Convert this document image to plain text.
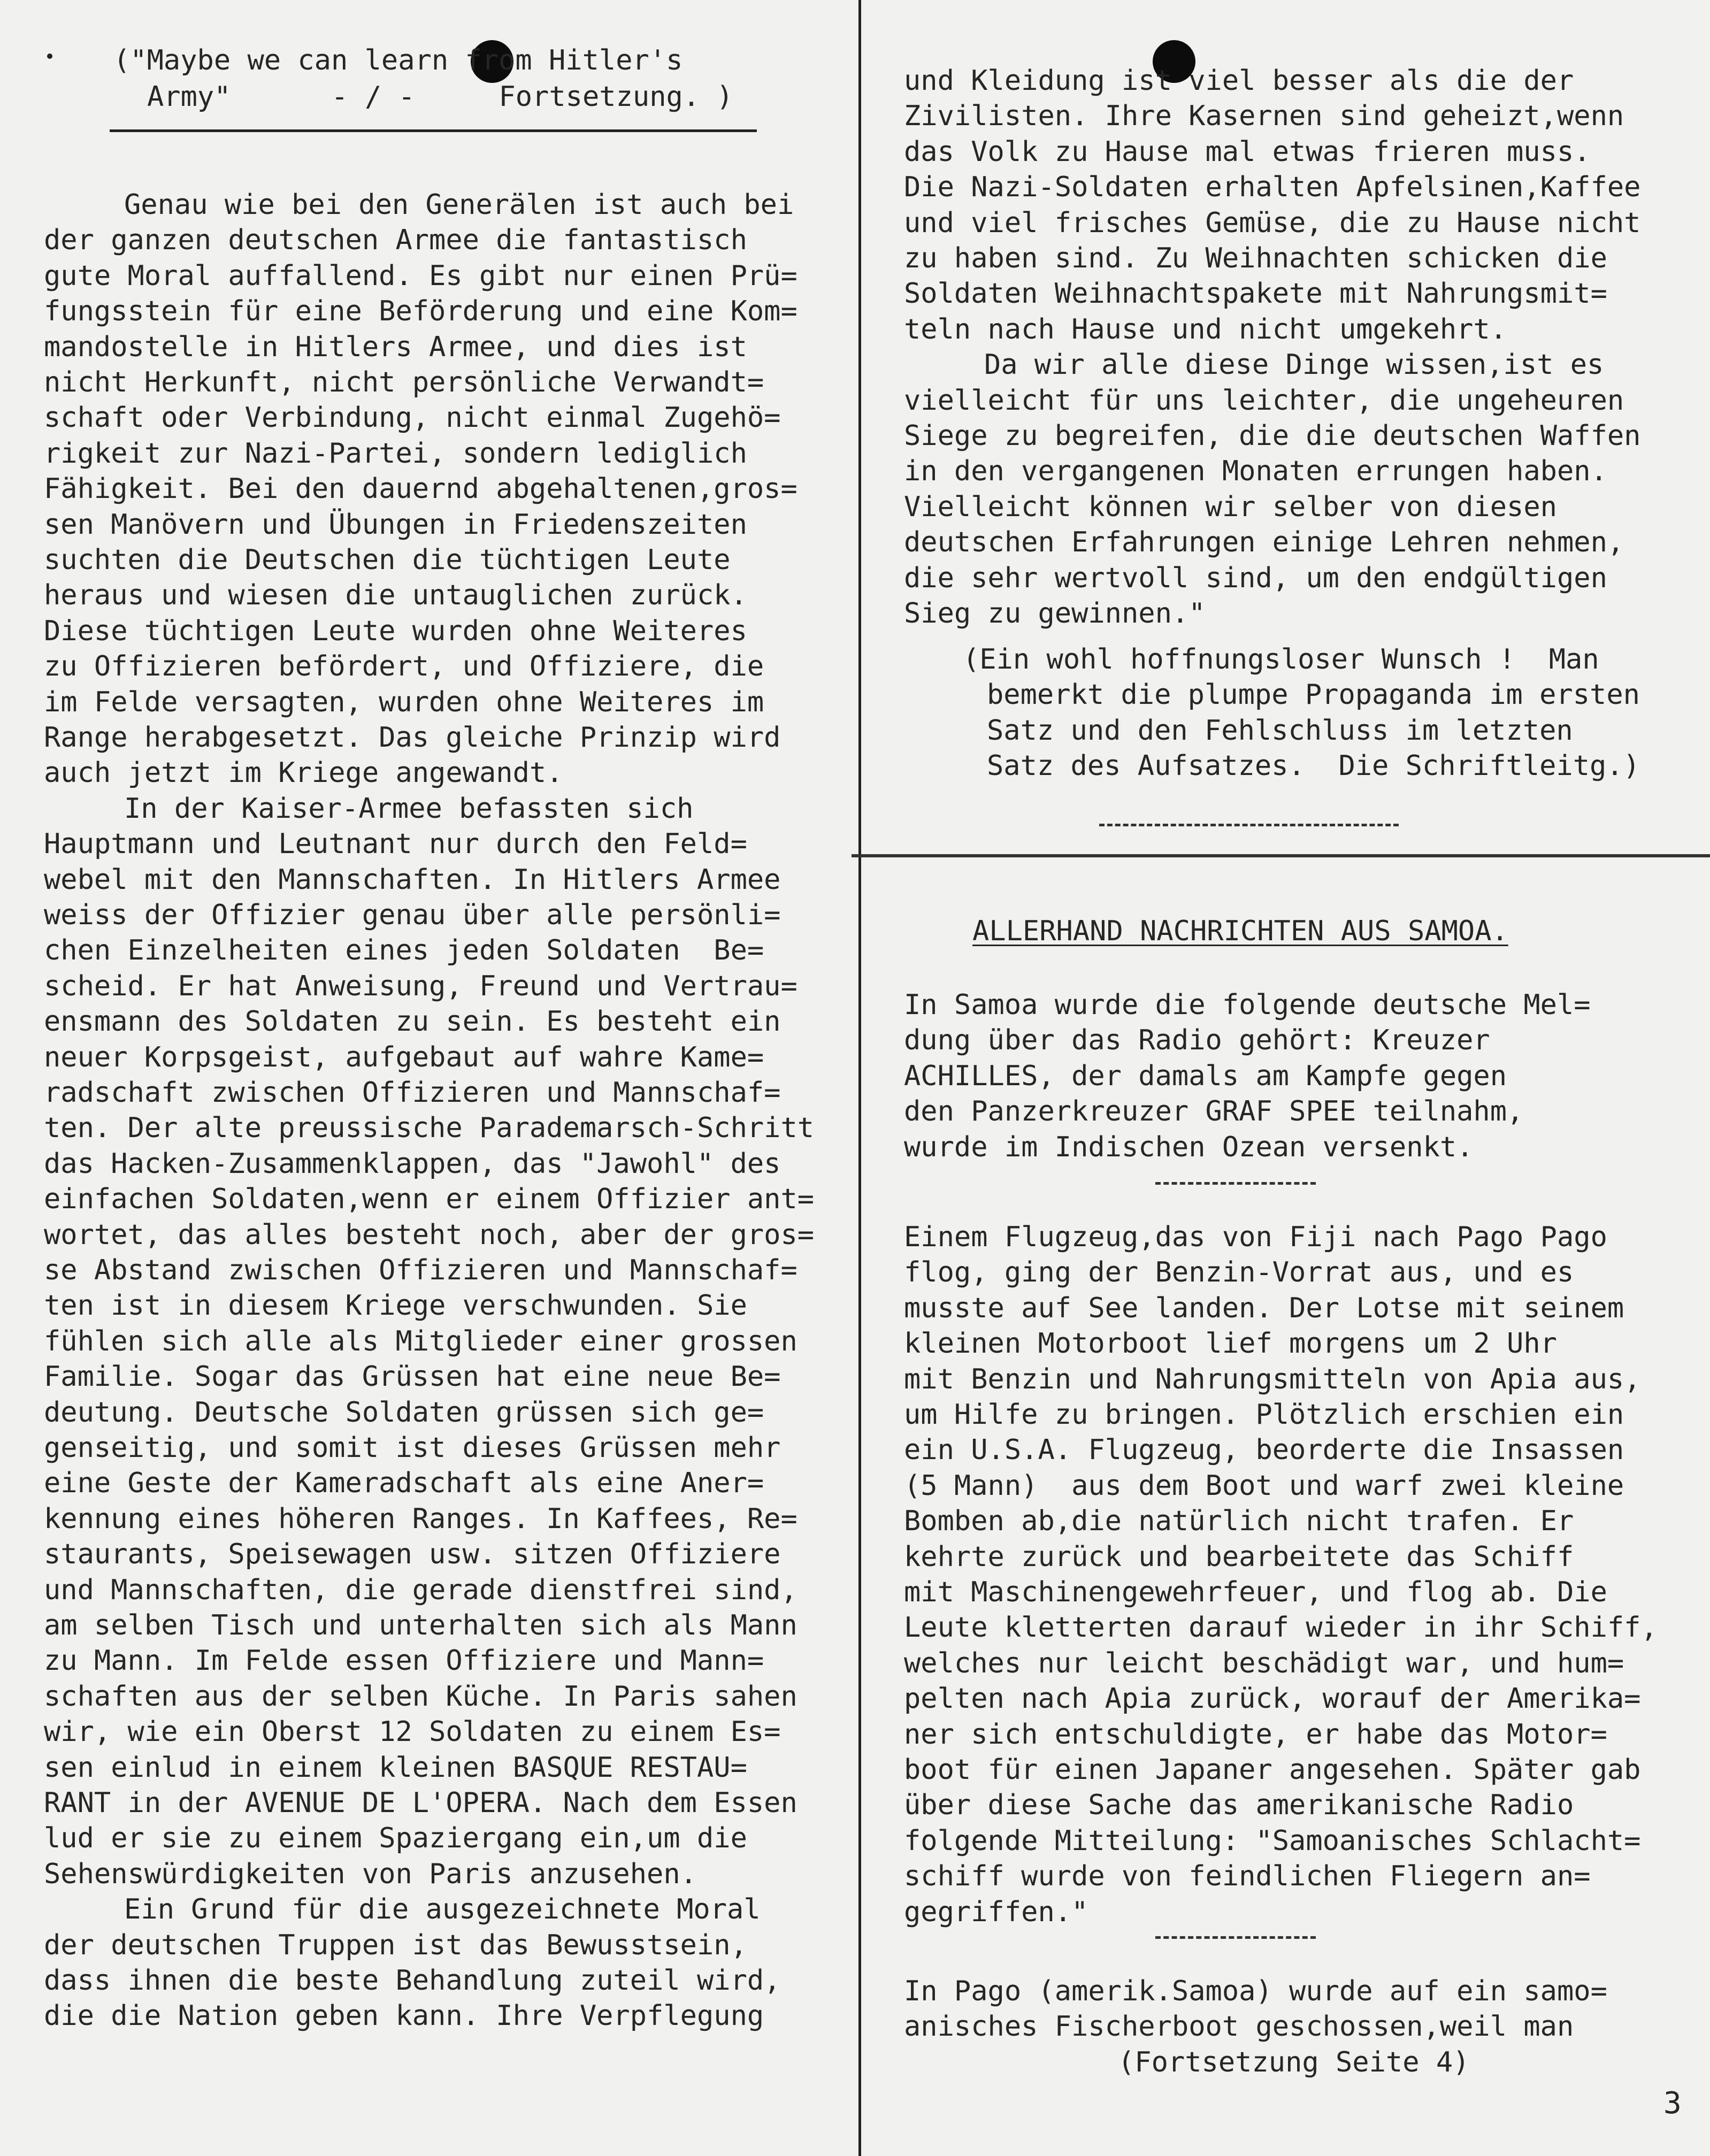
("Maybe we can learn from Hitler's
Army"      - / -     Fortsetzung. )
Genau wie bei den Generälen ist auch bei
der ganzen deutschen Armee die fantastisch
gute Moral auffallend. Es gibt nur einen Prü=
fungsstein für eine Beförderung und eine Kom=
mandostelle in Hitlers Armee, und dies ist
nicht Herkunft, nicht persönliche Verwandt=
schaft oder Verbindung, nicht einmal Zugehö=
rigkeit zur Nazi-Partei, sondern lediglich
Fähigkeit. Bei den dauernd abgehaltenen,gros=
sen Manövern und Übungen in Friedenszeiten
suchten die Deutschen die tüchtigen Leute
heraus und wiesen die untauglichen zurück.
Diese tüchtigen Leute wurden ohne Weiteres
zu Offizieren befördert, und Offiziere, die
im Felde versagten, wurden ohne Weiteres im
Range herabgesetzt. Das gleiche Prinzip wird
auch jetzt im Kriege angewandt.
In der Kaiser-Armee befassten sich
Hauptmann und Leutnant nur durch den Feld=
webel mit den Mannschaften. In Hitlers Armee
weiss der Offizier genau über alle persönli=
chen Einzelheiten eines jeden Soldaten  Be=
scheid. Er hat Anweisung, Freund und Vertrau=
ensmann des Soldaten zu sein. Es besteht ein
neuer Korpsgeist, aufgebaut auf wahre Kame=
radschaft zwischen Offizieren und Mannschaf=
ten. Der alte preussische Parademarsch-Schritt
das Hacken-Zusammenklappen, das "Jawohl" des
einfachen Soldaten,wenn er einem Offizier ant=
wortet, das alles besteht noch, aber der gros=
se Abstand zwischen Offizieren und Mannschaf=
ten ist in diesem Kriege verschwunden. Sie
fühlen sich alle als Mitglieder einer grossen
Familie. Sogar das Grüssen hat eine neue Be=
deutung. Deutsche Soldaten grüssen sich ge=
genseitig, und somit ist dieses Grüssen mehr
eine Geste der Kameradschaft als eine Aner=
kennung eines höheren Ranges. In Kaffees, Re=
staurants, Speisewagen usw. sitzen Offiziere
und Mannschaften, die gerade dienstfrei sind,
am selben Tisch und unterhalten sich als Mann
zu Mann. Im Felde essen Offiziere und Mann=
schaften aus der selben Küche. In Paris sahen
wir, wie ein Oberst 12 Soldaten zu einem Es=
sen einlud in einem kleinen BASQUE RESTAU=
RANT in der AVENUE DE L'OPERA. Nach dem Essen
lud er sie zu einem Spaziergang ein,um die
Sehenswürdigkeiten von Paris anzusehen.
Ein Grund für die ausgezeichnete Moral
der deutschen Truppen ist das Bewusstsein,
dass ihnen die beste Behandlung zuteil wird,
die die Nation geben kann. Ihre Verpflegung
und Kleidung ist viel besser als die der
Zivilisten. Ihre Kasernen sind geheizt,wenn
das Volk zu Hause mal etwas frieren muss.
Die Nazi-Soldaten erhalten Apfelsinen,Kaffee
und viel frisches Gemüse, die zu Hause nicht
zu haben sind. Zu Weihnachten schicken die
Soldaten Weihnachtspakete mit Nahrungsmit=
teln nach Hause und nicht umgekehrt.
Da wir alle diese Dinge wissen,ist es
vielleicht für uns leichter, die ungeheuren
Siege zu begreifen, die die deutschen Waffen
in den vergangenen Monaten errungen haben.
Vielleicht können wir selber von diesen
deutschen Erfahrungen einige Lehren nehmen,
die sehr wertvoll sind, um den endgültigen
Sieg zu gewinnen."
(Ein wohl hoffnungsloser Wunsch !  Man
bemerkt die plumpe Propaganda im ersten
Satz und den Fehlschluss im letzten
Satz des Aufsatzes.  Die Schriftleitg.)
ALLERHAND NACHRICHTEN AUS SAMOA.
In Samoa wurde die folgende deutsche Mel=
dung über das Radio gehört: Kreuzer
ACHILLES, der damals am Kampfe gegen
den Panzerkreuzer GRAF SPEE teilnahm,
wurde im Indischen Ozean versenkt.
Einem Flugzeug,das von Fiji nach Pago Pago
flog, ging der Benzin-Vorrat aus, und es
musste auf See landen. Der Lotse mit seinem
kleinen Motorboot lief morgens um 2 Uhr
mit Benzin und Nahrungsmitteln von Apia aus,
um Hilfe zu bringen. Plötzlich erschien ein
ein U.S.A. Flugzeug, beorderte die Insassen
(5 Mann)  aus dem Boot und warf zwei kleine
Bomben ab,die natürlich nicht trafen. Er
kehrte zurück und bearbeitete das Schiff
mit Maschinengewehrfeuer, und flog ab. Die
Leute kletterten darauf wieder in ihr Schiff,
welches nur leicht beschädigt war, und hum=
pelten nach Apia zurück, worauf der Amerika=
ner sich entschuldigte, er habe das Motor=
boot für einen Japaner angesehen. Später gab
über diese Sache das amerikanische Radio
folgende Mitteilung: "Samoanisches Schlacht=
schiff wurde von feindlichen Fliegern an=
gegriffen."
In Pago (amerik.Samoa) wurde auf ein samo=
anisches Fischerboot geschossen,weil man
(Fortsetzung Seite 4)
3
